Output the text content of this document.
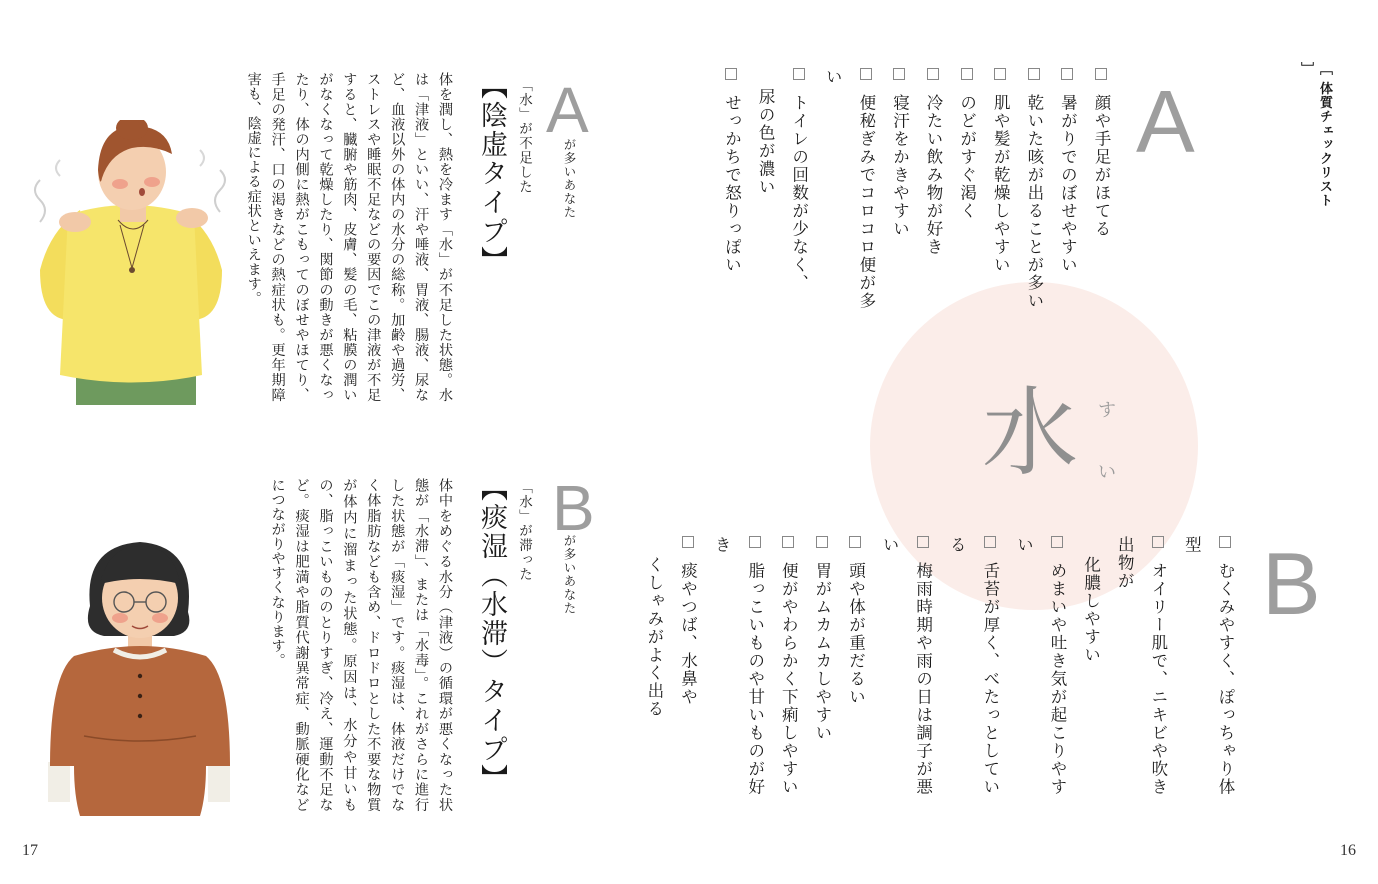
［ 体質チェックリスト ］
A
水 す
い
顔や手足がほてる
暑がりでのぼせやすい
乾いた咳が出ることが多い
肌や髪が乾燥しやすい
のどがすぐ渇く
冷たい飲み物が好き
寝汗をかきやすい
便秘ぎみでコロコロ便が多い
トイレの回数が少なく、
尿の色が濃い
せっかちで怒りっぽい
B
むくみやすく、ぽっちゃり体型
オイリー肌で、ニキビや吹き出物が
化膿しやすい
めまいや吐き気が起こりやすい
舌苔が厚く、べたっとしている
梅雨時期や雨の日は調子が悪い
頭や体が重だるい
胃がムカムカしやすい
便がやわらかく下痢しやすい
脂っこいものや甘いものが好き
痰やつば、水鼻や
くしゃみがよく出る
16
A
が多いあなた
「水」が不足した
【陰虚タイプ】
体を潤し、熱を冷ます「水」が不足した状態。水は「津液」といい、汗や唾液、胃液、腸液、尿など、血液以外の体内の水分の総称。加齢や過労、ストレスや睡眠不足などの要因でこの津液が不足すると、臓腑や筋肉、皮膚、髪の毛、粘膜の潤いがなくなって乾燥したり、関節の動きが悪くなったり、体の内側に熱がこもってのぼせやほてり、手足の発汗、口の渇きなどの熱症状も。更年期障害も、陰虚による症状といえます。
B
が多いあなた
「水」が滞った
【痰湿（水滞）タイプ】
体中をめぐる水分（津液）の循環が悪くなった状態が「水滞」、または「水毒」。これがさらに進行した状態が「痰湿」です。痰湿は、体液だけでなく体脂肪なども含め、ドロドロとした不要な物質が体内に溜まった状態。原因は、水分や甘いもの、脂っこいもののとりすぎ、冷え、運動不足など。痰湿は肥満や脂質代謝異常症、動脈硬化などにつながりやすくなります。
17
